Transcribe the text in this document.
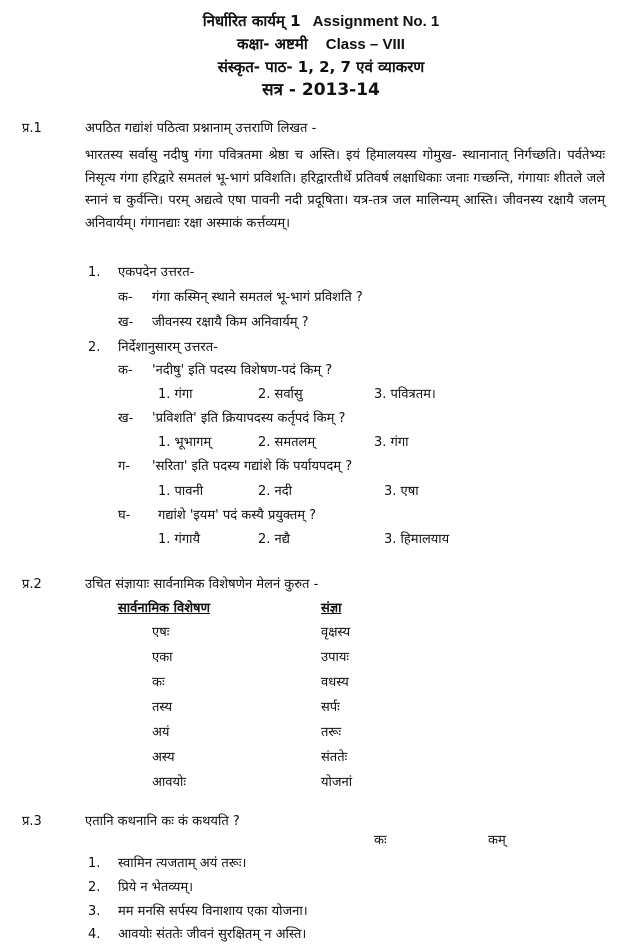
निर्धारित कार्यम् 1 Assignment No. 1
कक्षा- अष्टमी Class – VIII
संस्कृत- पाठ- 1, 2, 7 एवं व्याकरण
सत्र - 2013-14
प्र.1	अपठित गद्यांशं पठित्वा प्रश्नानाम् उत्तराणि लिखत -
भारतस्य सर्वासु नदीषु गंगा पवित्रतमा श्रेष्ठा च अस्ति। इयं हिमालयस्य गोमुख- स्थानानात् निर्गच्छति। पर्वतेभ्यः निसृत्य गंगा हरिद्वारे समतलं भू-भागं प्रविशति। हरिद्वारतीर्थे प्रतिवर्ष लक्षाधिकाः जनाः गच्छन्ति, गंगायाः शीतले जले स्नानं च कुर्वन्ति। परम् अद्यत्वे एषा पावनी नदी प्रदूषिता। यत्र-तत्र जल मालिन्यम् आस्ति। जीवनस्य रक्षायै जलम् अनिवार्यम्। गंगानद्याः रक्षा अस्माकं कर्त्तव्यम्।
1. एकपदेन उत्तरत-
क- गंगा कस्मिन् स्थाने समतलं भू-भागं प्रविशति ?
ख- जीवनस्य रक्षायै किम अनिवार्यम् ?
2. निर्देशानुसारम् उत्तरत-
क- 'नदीषु' इति पदस्य विशेषण-पदं किम् ?
1. गंगा	2. सर्वासु	3. पवित्रतम।
ख- 'प्रविशति' इति क्रियापदस्य कर्तृपदं किम् ?
1. भूभागम्	2. समतलम्	3. गंगा
ग- 'सरिता' इति पदस्य गद्यांशे किं पर्यायपदम् ?
1. पावनी	2. नदी	3. एषा
घ- गद्यांशे 'इयम' पदं कस्यै प्रयुक्तम् ?
1. गंगायै	2. नद्यै	3. हिमालयाय
प्र.2	उचित संज्ञायाः सार्वनामिक विशेषणेन मेलनं कुरुत -
सार्वनामिक विशेषण	संज्ञा
एषः	वृक्षस्य
एका	उपायः
कः	वधस्य
तस्य	सर्पः
अयं	तरूः
अस्य	संततेः
आवयोः	योजनां
प्र.3	एतानि कथनानि कः कं कथयति ?
कः	कम्
1. स्वामिन त्यजताम् अयं तरूः।
2. प्रिये न भेतव्यम्।
3. मम मनसि सर्पस्य विनाशाय एका योजना।
4. आवयोः संततेः जीवनं सुरक्षितम् न अस्ति।
